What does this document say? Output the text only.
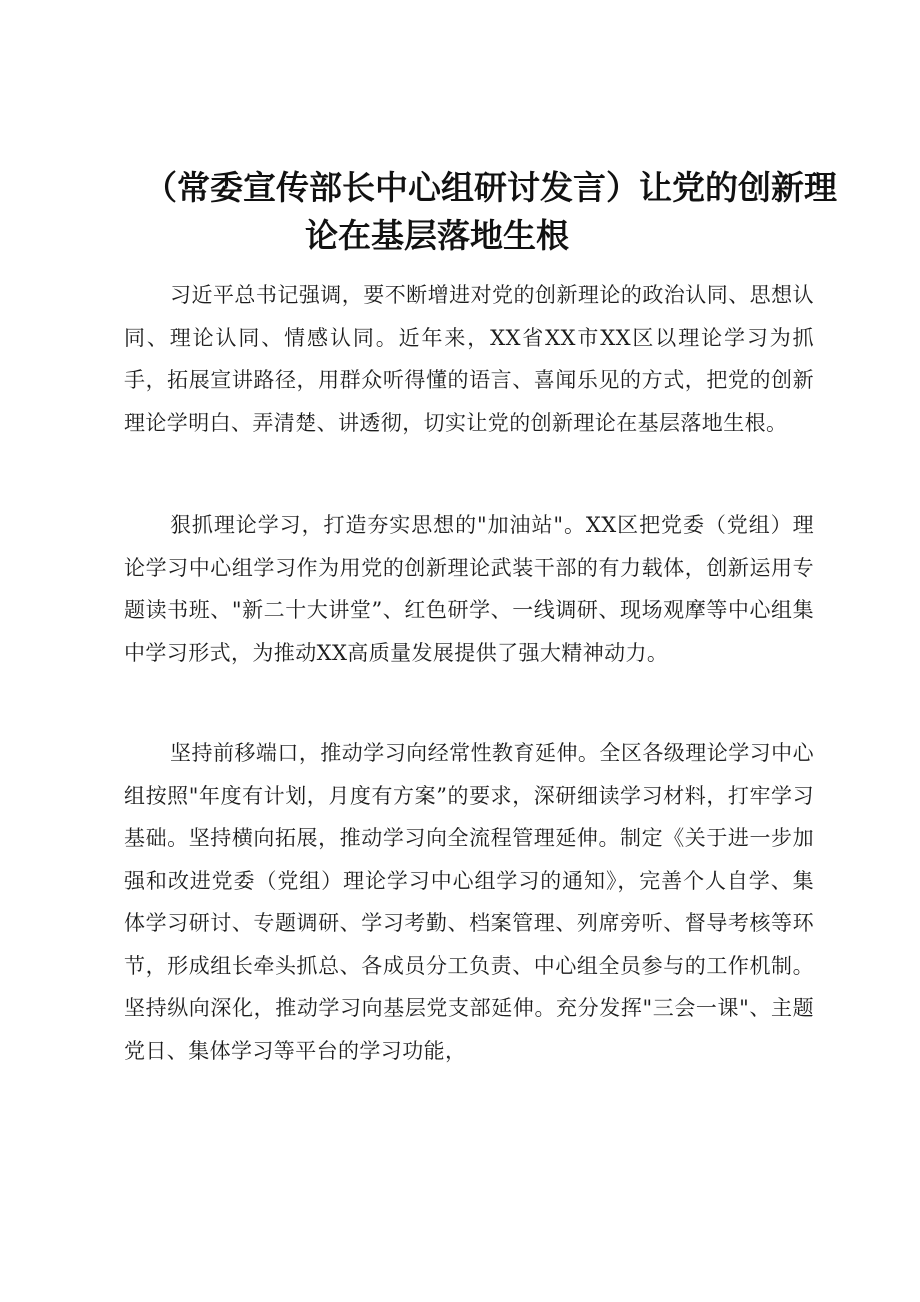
（常委宣传部长中心组研讨发言）让党的创新理
论在基层落地生根

习近平总书记强调，要不断增进对党的创新理论的政治认同、思想认同、理论认同、情感认同。近年来，XX省XX市XX区以理论学习为抓手，拓展宣讲路径，用群众听得懂的语言、喜闻乐见的方式，把党的创新理论学明白、弄清楚、讲透彻，切实让党的创新理论在基层落地生根。

狠抓理论学习，打造夯实思想的"加油站"。XX区把党委（党组）理论学习中心组学习作为用党的创新理论武装干部的有力载体，创新运用专题读书班、"新二十大讲堂”、红色研学、一线调研、现场观摩等中心组集中学习形式，为推动XX高质量发展提供了强大精神动力。

坚持前移端口，推动学习向经常性教育延伸。全区各级理论学习中心组按照"年度有计划，月度有方案”的要求，深研细读学习材料，打牢学习基础。坚持横向拓展，推动学习向全流程管理延伸。制定《关于进一步加强和改进党委（党组）理论学习中心组学习的通知》，完善个人自学、集体学习研讨、专题调研、学习考勤、档案管理、列席旁听、督导考核等环节，形成组长牵头抓总、各成员分工负责、中心组全员参与的工作机制。坚持纵向深化，推动学习向基层党支部延伸。充分发挥"三会一课"、主题党日、集体学习等平台的学习功能，
